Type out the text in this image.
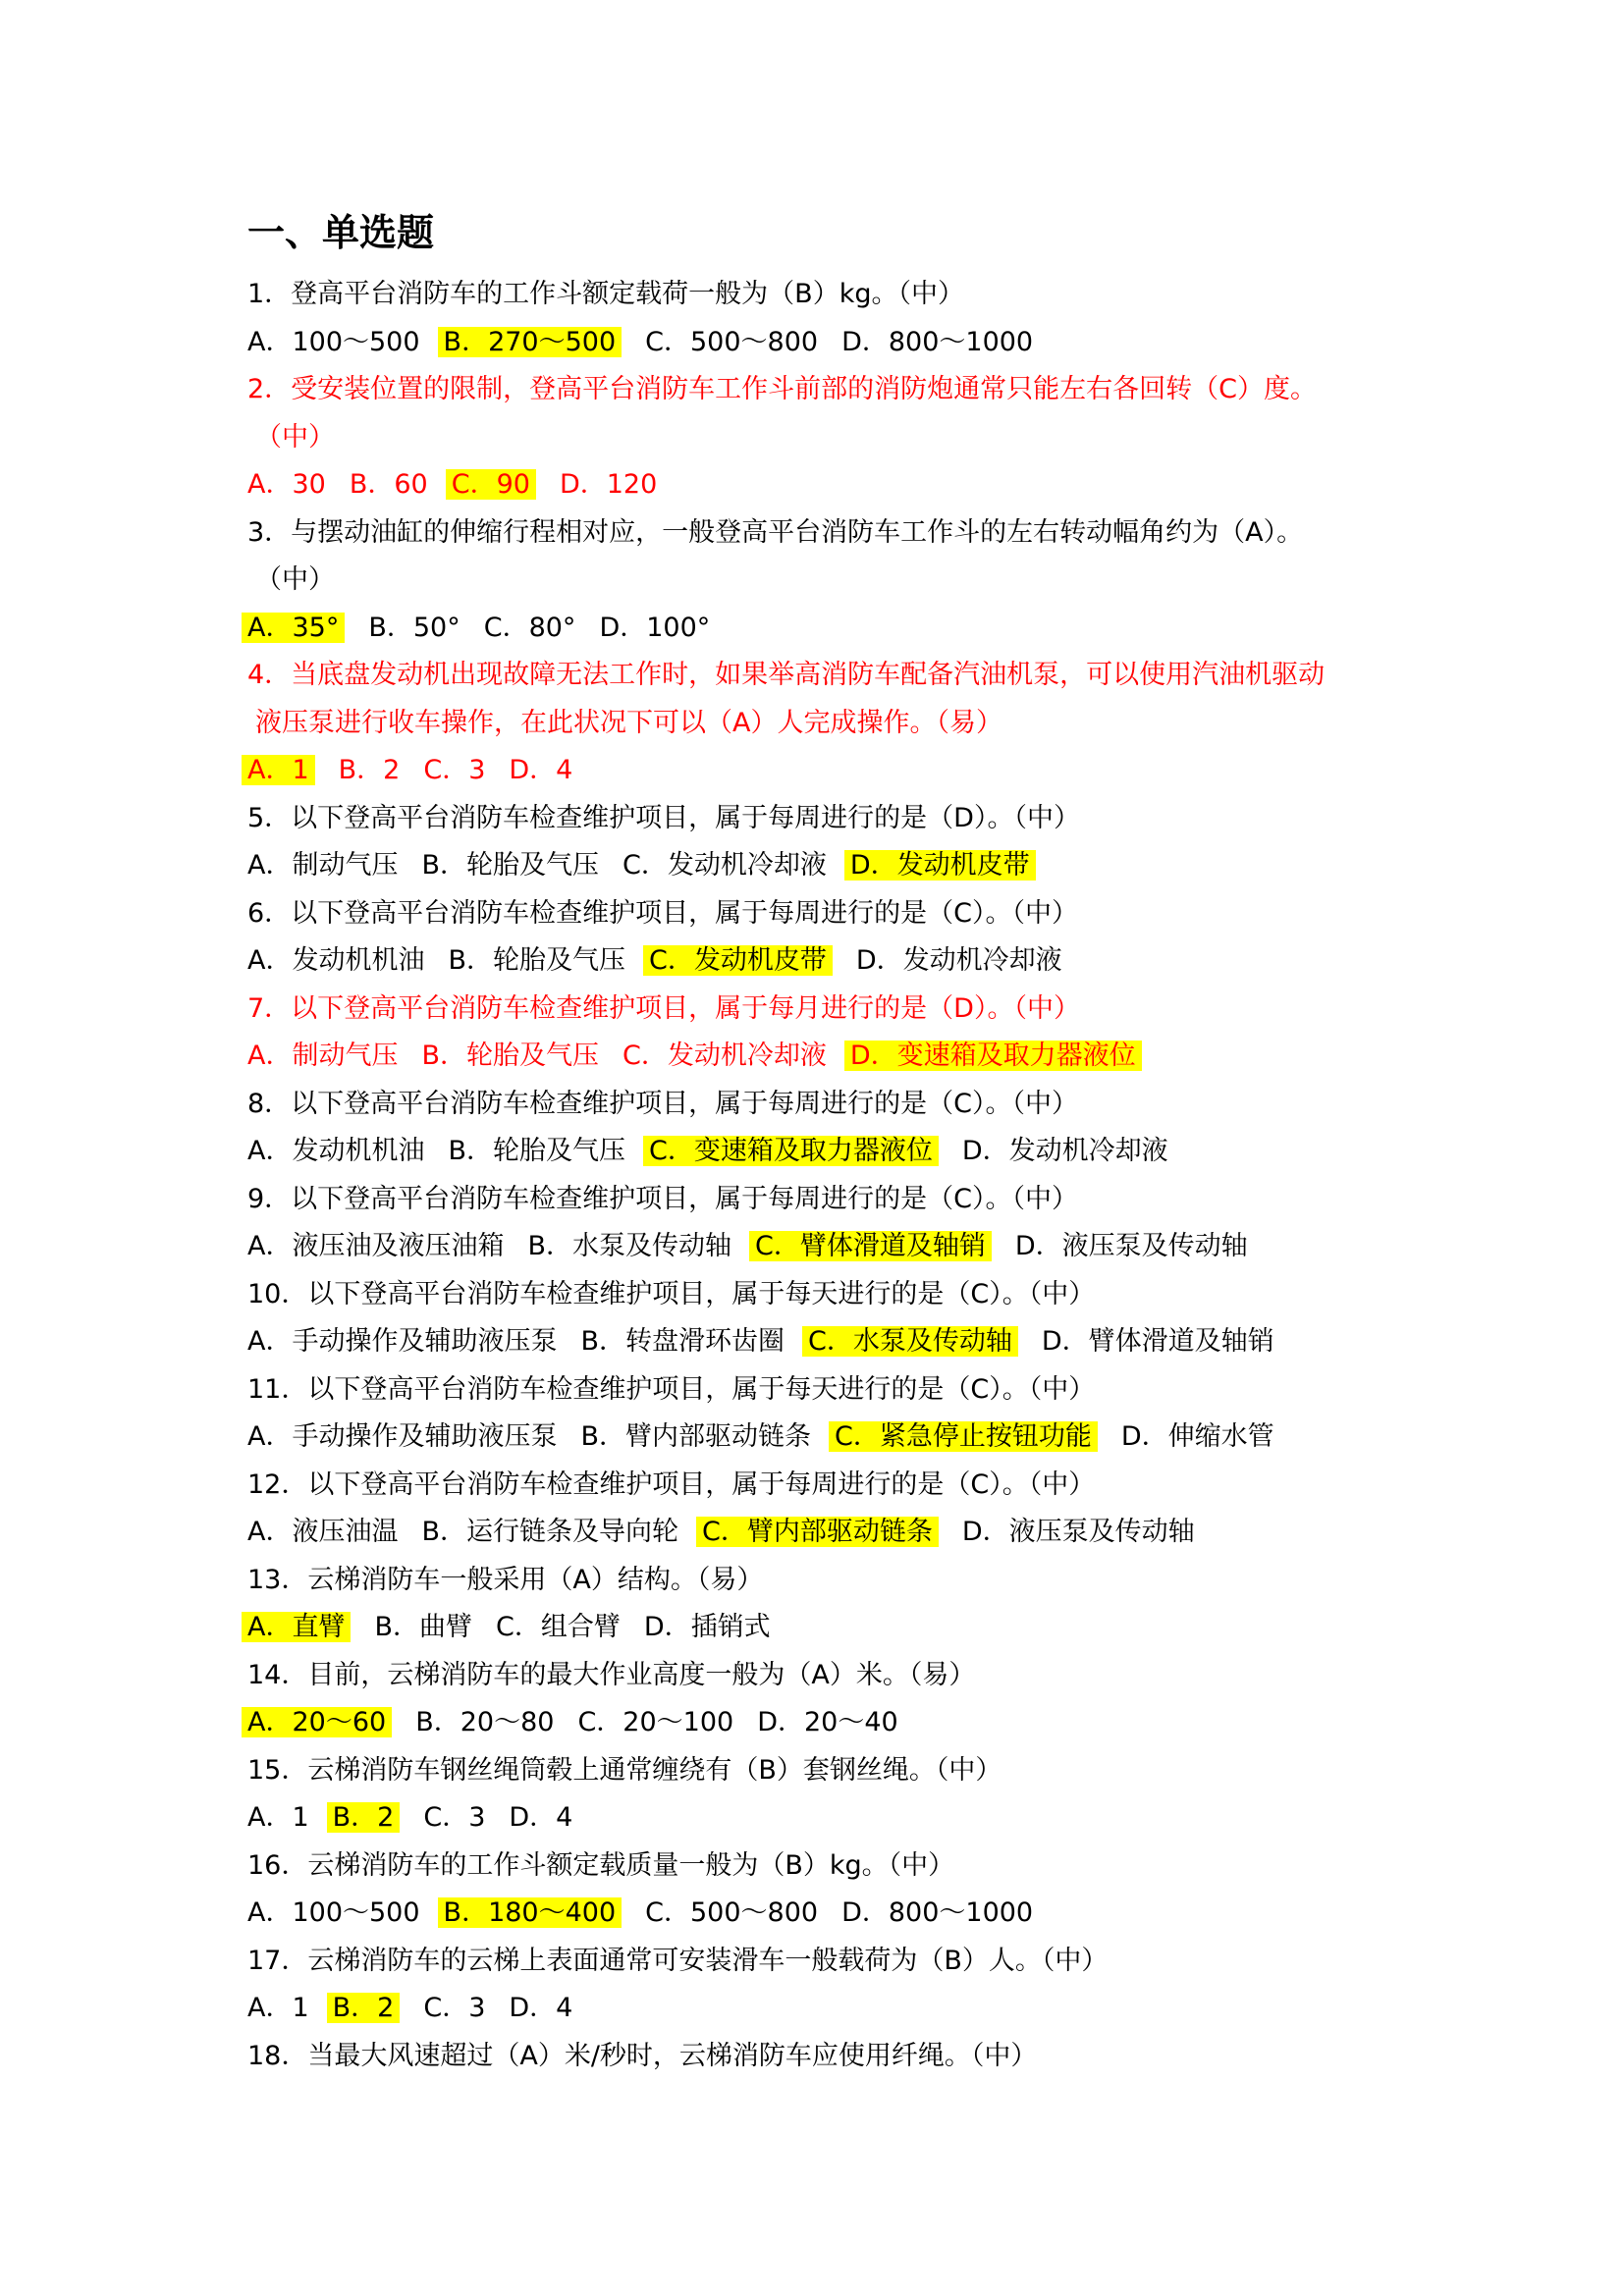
一、单选题
1．登高平台消防车的工作斗额定载荷一般为（B）kg。（中）
A．100～500 B．270～500 C．500～800 D．800～1000
2．受安装位置的限制，登高平台消防车工作斗前部的消防炮通常只能左右各回转（C）度。
（中）
A．30 B．60 C．90 D．120
3．与摆动油缸的伸缩行程相对应，一般登高平台消防车工作斗的左右转动幅角约为（A）。
（中）
A．35° B．50° C．80° D．100°
4．当底盘发动机出现故障无法工作时，如果举高消防车配备汽油机泵，可以使用汽油机驱动
液压泵进行收车操作，在此状况下可以（A）人完成操作。（易）
A．1 B．2 C．3 D．4
5．以下登高平台消防车检查维护项目，属于每周进行的是（D）。（中）
A．制动气压 B．轮胎及气压 C．发动机冷却液 D．发动机皮带
6．以下登高平台消防车检查维护项目，属于每周进行的是（C）。（中）
A．发动机机油 B．轮胎及气压 C．发动机皮带 D．发动机冷却液
7．以下登高平台消防车检查维护项目，属于每月进行的是（D）。（中）
A．制动气压 B．轮胎及气压 C．发动机冷却液 D．变速箱及取力器液位
8．以下登高平台消防车检查维护项目，属于每周进行的是（C）。（中）
A．发动机机油 B．轮胎及气压 C．变速箱及取力器液位 D．发动机冷却液
9．以下登高平台消防车检查维护项目，属于每周进行的是（C）。（中）
A．液压油及液压油箱 B．水泵及传动轴 C．臂体滑道及轴销 D．液压泵及传动轴
10．以下登高平台消防车检查维护项目，属于每天进行的是（C）。（中）
A．手动操作及辅助液压泵 B．转盘滑环齿圈 C．水泵及传动轴 D．臂体滑道及轴销
11．以下登高平台消防车检查维护项目，属于每天进行的是（C）。（中）
A．手动操作及辅助液压泵 B．臂内部驱动链条 C．紧急停止按钮功能 D．伸缩水管
12．以下登高平台消防车检查维护项目，属于每周进行的是（C）。（中）
A．液压油温 B．运行链条及导向轮 C．臂内部驱动链条 D．液压泵及传动轴
13．云梯消防车一般采用（A）结构。（易）
A．直臂 B．曲臂 C．组合臂 D．插销式
14．目前，云梯消防车的最大作业高度一般为（A）米。（易）
A．20～60 B．20～80 C．20～100 D．20～40
15．云梯消防车钢丝绳筒毂上通常缠绕有（B）套钢丝绳。（中）
A．1 B．2 C．3 D．4
16．云梯消防车的工作斗额定载质量一般为（B）kg。（中）
A．100～500 B．180～400 C．500～800 D．800～1000
17．云梯消防车的云梯上表面通常可安装滑车一般载荷为（B）人。（中）
A．1 B．2 C．3 D．4
18．当最大风速超过（A）米/秒时，云梯消防车应使用纤绳。（中）
